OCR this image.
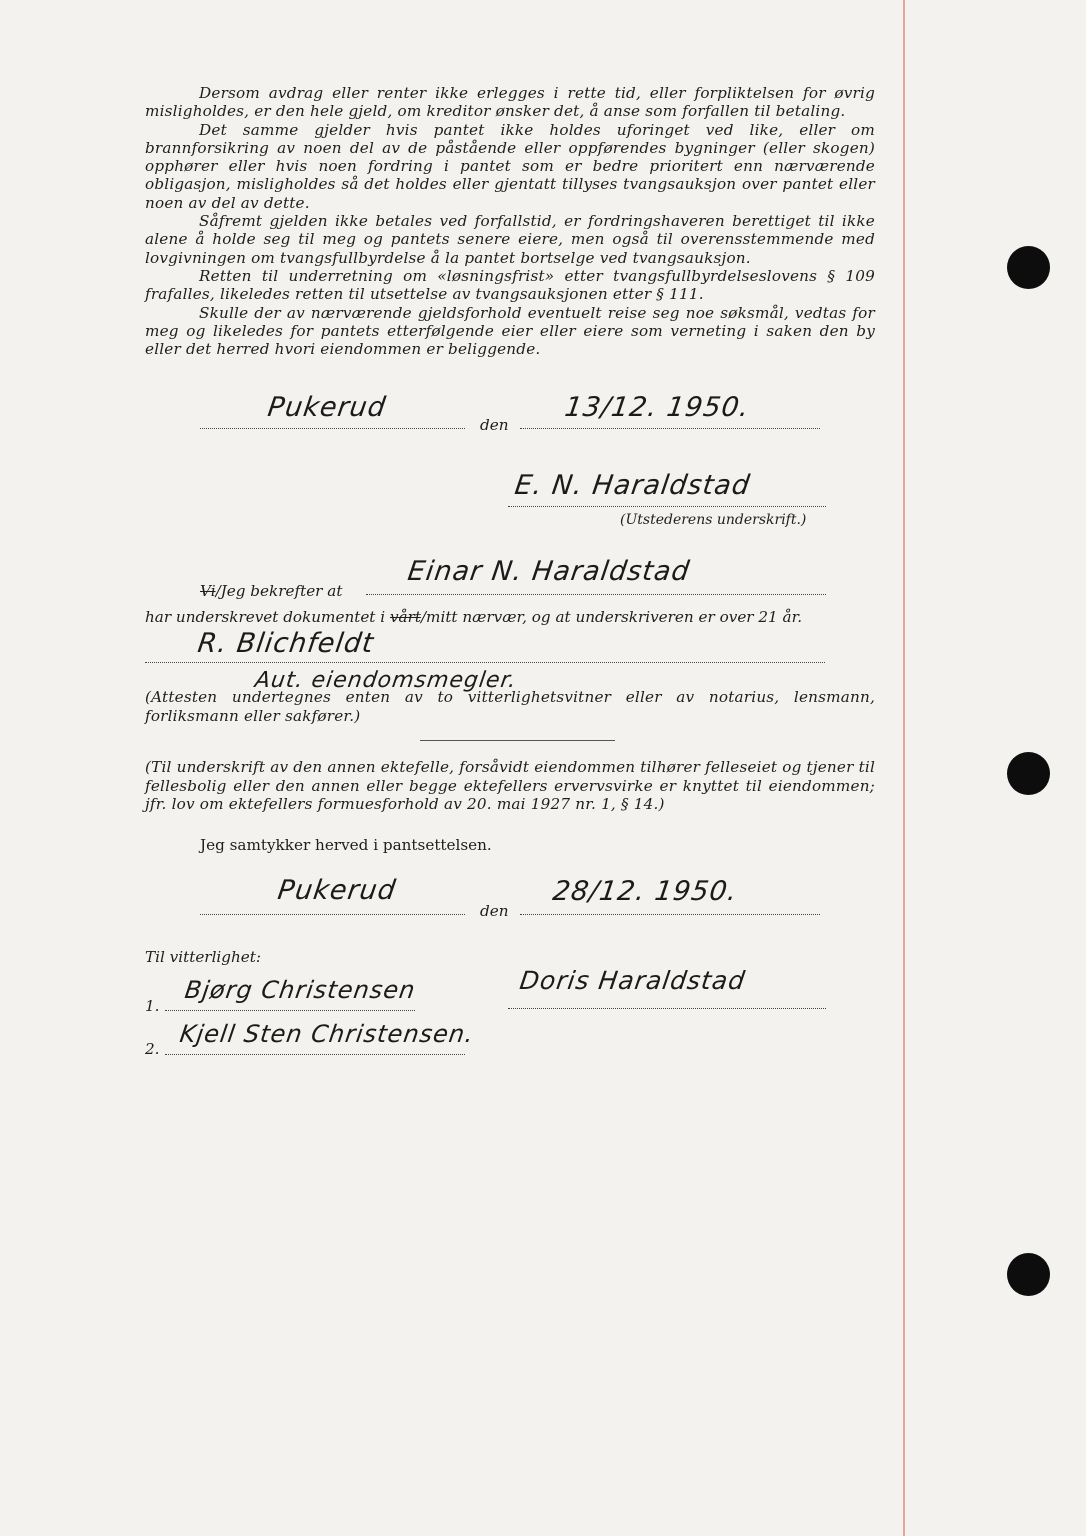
Dersom avdrag eller renter ikke erlegges i rette tid, eller forpliktelsen for øvrig misligholdes, er den hele gjeld, om kreditor ønsker det, å anse som forfallen til betaling.

Det samme gjelder hvis pantet ikke holdes uforinget ved like, eller om brannforsikring av noen del av de påstående eller oppførendes bygninger (eller skogen) opphører eller hvis noen fordring i pantet som er bedre prioritert enn nærværende obligasjon, misligholdes så det holdes eller gjentatt tillyses tvangsauksjon over pantet eller noen av del av dette.

Såfremt gjelden ikke betales ved forfallstid, er fordringshaveren berettiget til ikke alene å holde seg til meg og pantets senere eiere, men også til overensstemmende med lovgivningen om tvangsfullbyrdelse å la pantet bortselge ved tvangsauksjon.

Retten til underretning om «løsningsfrist» etter tvangsfullbyrdelseslovens § 109 frafalles, likeledes retten til utsettelse av tvangsauksjonen etter § 111.

Skulle der av nærværende gjeldsforhold eventuelt reise seg noe søksmål, vedtas for meg og likeledes for pantets etterfølgende eier eller eiere som verneting i saken den by eller det herred hvori eiendommen er beliggende.

Pukerud
den
13/12. 1950.
E. N. Haraldstad
(Utstederens underskrift.)
Vi/Jeg bekrefter at
Einar N. Haraldstad
har underskrevet dokumentet i vårt/mitt nærvær, og at underskriveren er over 21 år.
R. Blichfeldt
Aut. eiendomsmegler.
(Attesten undertegnes enten av to vitterlighetsvitner eller av notarius, lensmann, forliksmann eller sakfører.)
(Til underskrift av den annen ektefelle, forsåvidt eiendommen tilhører felleseiet og tjener til fellesbolig eller den annen eller begge ektefellers ervervsvirke er knyttet til eiendommen; jfr. lov om ektefellers formuesforhold av 20. mai 1927 nr. 1, § 14.)
Jeg samtykker herved i pantsettelsen.
Pukerud
den
28/12. 1950.
Til vitterlighet:
1.
Bjørg Christensen	Doris Haraldstad
2.
Kjell Sten Christensen.
